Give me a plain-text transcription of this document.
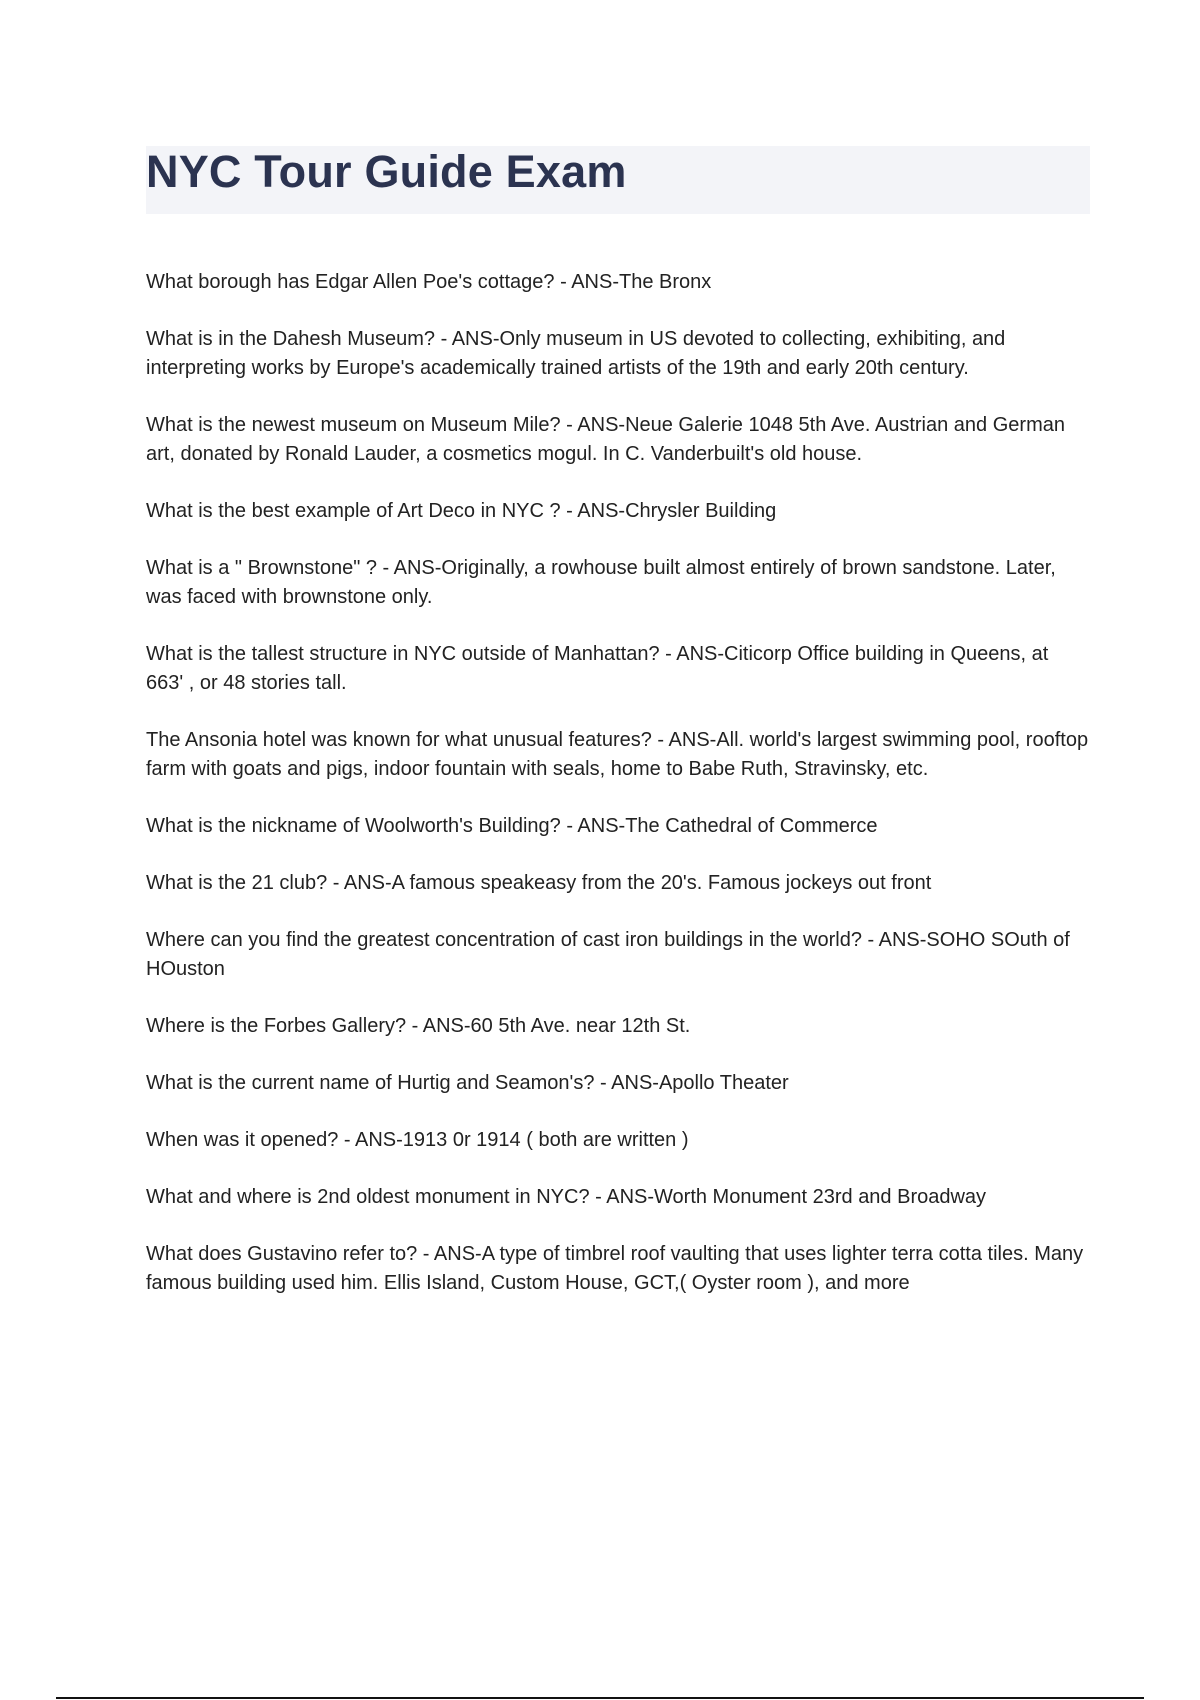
NYC Tour Guide Exam
What borough has Edgar Allen Poe's cottage? - ANS-The Bronx
What is in the Dahesh Museum? - ANS-Only museum in US devoted to collecting, exhibiting, and interpreting works by Europe's academically trained artists of the 19th and early 20th century.
What is the newest museum on Museum Mile? - ANS-Neue Galerie 1048 5th Ave. Austrian and German art, donated by Ronald Lauder, a cosmetics mogul. In C. Vanderbuilt's old house.
What is the best example of Art Deco in NYC ? - ANS-Chrysler Building
What is a " Brownstone" ? - ANS-Originally, a rowhouse built almost entirely of brown sandstone. Later, was faced with brownstone only.
What is the tallest structure in NYC outside of Manhattan? - ANS-Citicorp Office building in Queens, at 663' , or 48 stories tall.
The Ansonia hotel was known for what unusual features? - ANS-All. world's largest swimming pool, rooftop farm with goats and pigs, indoor fountain with seals, home to Babe Ruth, Stravinsky, etc.
What is the nickname of Woolworth's Building? - ANS-The Cathedral of Commerce
What is the 21 club? - ANS-A famous speakeasy from the 20's. Famous jockeys out front
Where can you find the greatest concentration of cast iron buildings in the world? - ANS-SOHO SOuth of HOuston
Where is the Forbes Gallery? - ANS-60 5th Ave. near 12th St.
What is the current name of Hurtig and Seamon's? - ANS-Apollo Theater
When was it opened? - ANS-1913 0r 1914 ( both are written )
What and where is 2nd oldest monument in NYC? - ANS-Worth Monument 23rd and Broadway
What does Gustavino refer to? - ANS-A type of timbrel roof vaulting that uses lighter terra cotta tiles. Many famous building used him. Ellis Island, Custom House, GCT,( Oyster room ), and more
